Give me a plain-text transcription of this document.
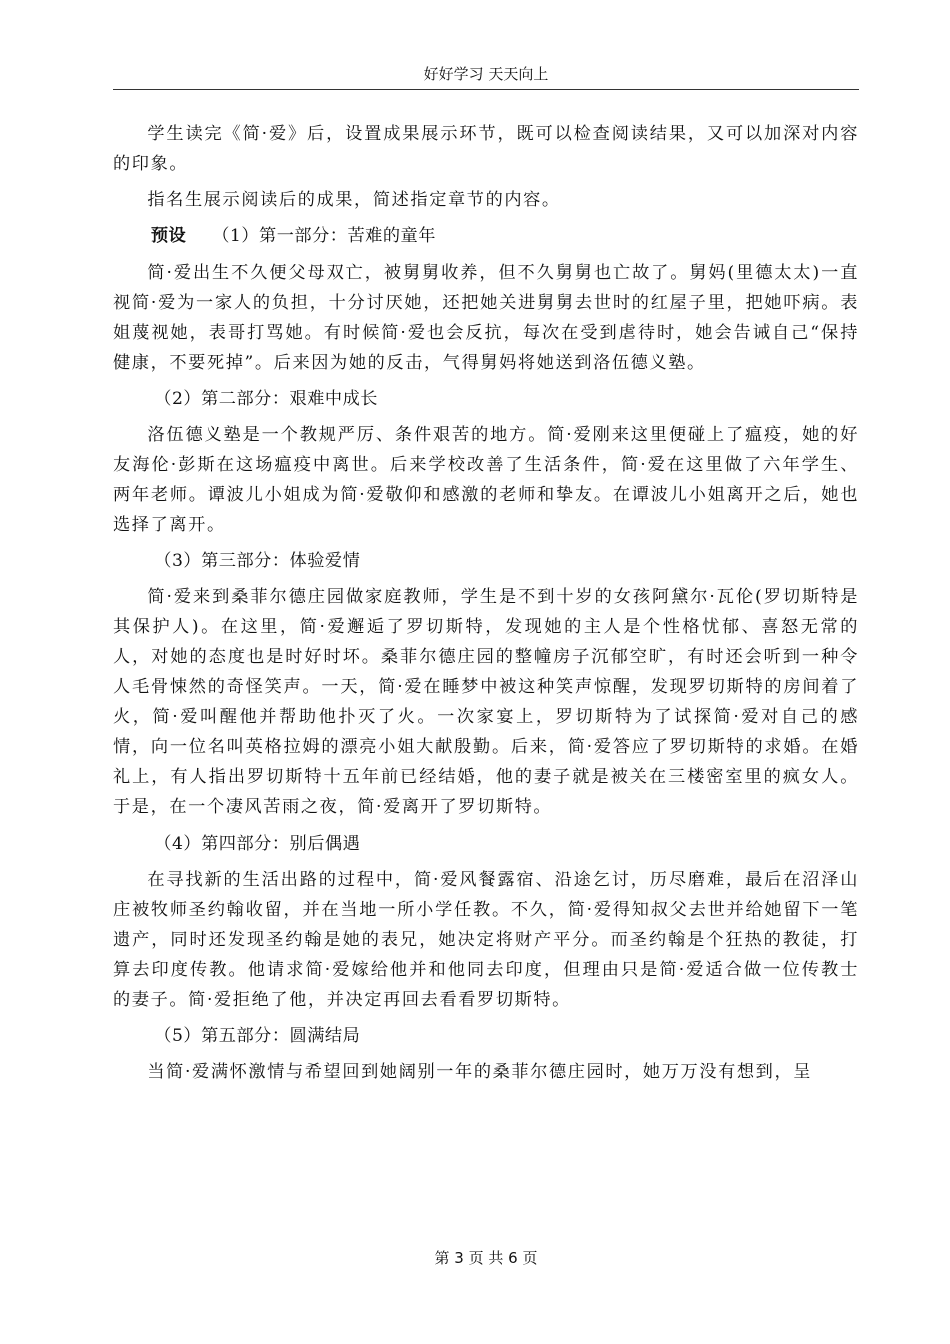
好好学习 天天向上

学生读完《简·爱》后，设置成果展示环节，既可以检查阅读结果，又可以加深对内容的印象。

指名生展示阅读后的成果，简述指定章节的内容。

预设 （1）第一部分：苦难的童年

简·爱出生不久便父母双亡，被舅舅收养，但不久舅舅也亡故了。舅妈(里德太太)一直视简·爱为一家人的负担，十分讨厌她，还把她关进舅舅去世时的红屋子里，把她吓病。表姐蔑视她，表哥打骂她。有时候简·爱也会反抗，每次在受到虐待时，她会告诫自己“保持健康，不要死掉”。后来因为她的反击，气得舅妈将她送到洛伍德义塾。

（2）第二部分：艰难中成长

洛伍德义塾是一个教规严厉、条件艰苦的地方。简·爱刚来这里便碰上了瘟疫，她的好友海伦·彭斯在这场瘟疫中离世。后来学校改善了生活条件，简·爱在这里做了六年学生、两年老师。谭波儿小姐成为简·爱敬仰和感激的老师和挚友。在谭波儿小姐离开之后，她也选择了离开。

（3）第三部分：体验爱情

简·爱来到桑菲尔德庄园做家庭教师，学生是不到十岁的女孩阿黛尔·瓦伦(罗切斯特是其保护人)。在这里，简·爱邂逅了罗切斯特，发现她的主人是个性格忧郁、喜怒无常的人，对她的态度也是时好时坏。桑菲尔德庄园的整幢房子沉郁空旷，有时还会听到一种令人毛骨悚然的奇怪笑声。一天，简·爱在睡梦中被这种笑声惊醒，发现罗切斯特的房间着了火，简·爱叫醒他并帮助他扑灭了火。一次家宴上，罗切斯特为了试探简·爱对自己的感情，向一位名叫英格拉姆的漂亮小姐大献殷勤。后来，简·爱答应了罗切斯特的求婚。在婚礼上，有人指出罗切斯特十五年前已经结婚，他的妻子就是被关在三楼密室里的疯女人。于是，在一个凄风苦雨之夜，简·爱离开了罗切斯特。

（4）第四部分：别后偶遇

在寻找新的生活出路的过程中，简·爱风餐露宿、沿途乞讨，历尽磨难，最后在沼泽山庄被牧师圣约翰收留，并在当地一所小学任教。不久，简·爱得知叔父去世并给她留下一笔遗产，同时还发现圣约翰是她的表兄，她决定将财产平分。而圣约翰是个狂热的教徒，打算去印度传教。他请求简·爱嫁给他并和他同去印度，但理由只是简·爱适合做一位传教士的妻子。简·爱拒绝了他，并决定再回去看看罗切斯特。

（5）第五部分：圆满结局

当简·爱满怀激情与希望回到她阔别一年的桑菲尔德庄园时，她万万没有想到，呈

第 3 页 共 6 页
